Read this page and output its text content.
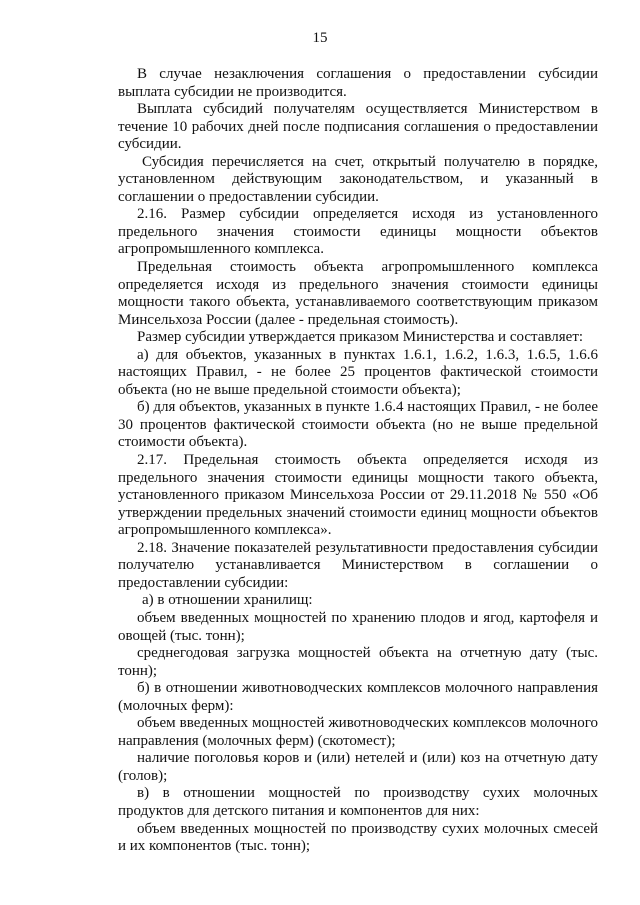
15

В случае незаключения соглашения о предоставлении субсидии выплата субсидии не производится.

Выплата субсидий получателям осуществляется Министерством в течение 10 рабочих дней после подписания соглашения о предоставлении субсидии.

Субсидия перечисляется на счет, открытый получателю в порядке, установленном действующим законодательством, и указанный в соглашении о предоставлении субсидии.

2.16. Размер субсидии определяется исходя из установленного предельного значения стоимости единицы мощности объектов агропромышленного комплекса.

Предельная стоимость объекта агропромышленного комплекса определяется исходя из предельного значения стоимости единицы мощности такого объекта, устанавливаемого соответствующим приказом Минсельхоза России (далее - предельная стоимость).

Размер субсидии утверждается приказом Министерства и составляет:

а) для объектов, указанных в пунктах 1.6.1, 1.6.2, 1.6.3, 1.6.5, 1.6.6 настоящих Правил, - не более 25 процентов фактической стоимости объекта (но не выше предельной стоимости объекта);

б) для объектов, указанных в пункте 1.6.4 настоящих Правил, - не более 30 процентов фактической стоимости объекта (но не выше предельной стоимости объекта).

2.17. Предельная стоимость объекта определяется исходя из предельного значения стоимости единицы мощности такого объекта, установленного приказом Минсельхоза России от 29.11.2018 № 550 «Об утверждении предельных значений стоимости единиц мощности объектов агропромышленного комплекса».

2.18. Значение показателей результативности предоставления субсидии получателю устанавливается Министерством в соглашении о предоставлении субсидии:

а) в отношении хранилищ:

объем введенных мощностей по хранению плодов и ягод, картофеля и овощей (тыс. тонн);

среднегодовая загрузка мощностей объекта на отчетную дату (тыс. тонн);

б) в отношении животноводческих комплексов молочного направления (молочных ферм):

объем введенных мощностей животноводческих комплексов молочного направления (молочных ферм) (скотомест);

наличие поголовья коров и (или) нетелей и (или) коз на отчетную дату (голов);

в) в отношении мощностей по производству сухих молочных продуктов для детского питания и компонентов для них:

объем введенных мощностей по производству сухих молочных смесей и их компонентов (тыс. тонн);
